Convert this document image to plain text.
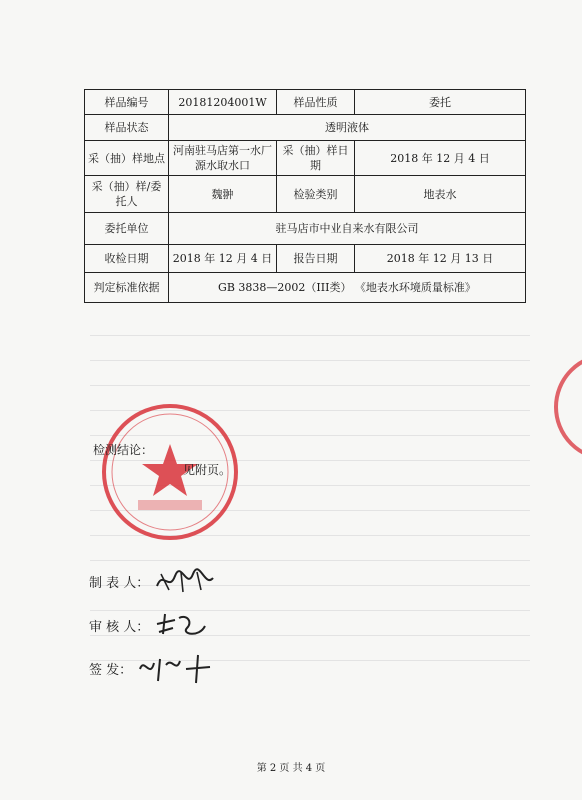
样品编号	20181204001W	样品性质	委托
样品状态	透明液体		
采（抽）样地点	河南驻马店第一水厂源水取水口	采（抽）样日期	2018 年 12 月 4 日
采（抽）样/委托人	魏翀	检验类别	地表水
委托单位	驻马店市中业自来水有限公司		
收检日期	2018 年 12 月 4 日	报告日期	2018 年 12 月 13 日
判定标准依据	GB 3838—2002（III类） 《地表水环境质量标准》		
检测结论：
见附页。
制 表 人：
审 核 人：
签 发：
第 2 页 共 4 页
